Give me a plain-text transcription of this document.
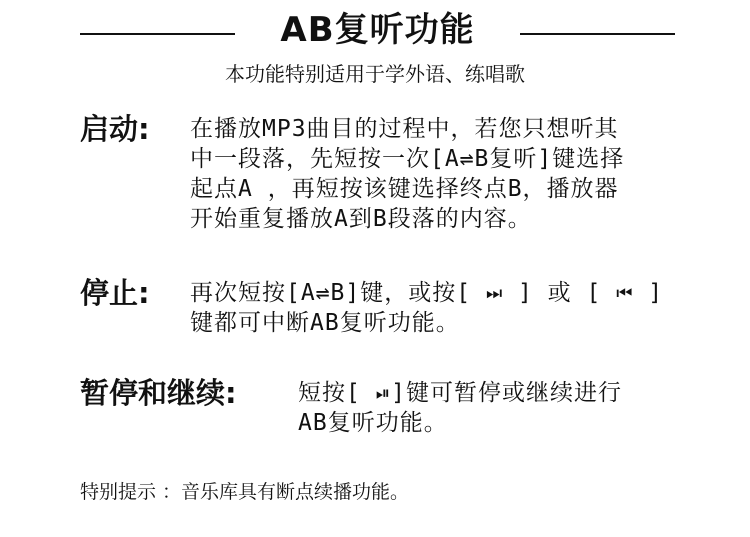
AB复听功能
本功能特别适用于学外语、练唱歌
启动: 在播放MP3曲目的过程中，若您只想听其
中一段落，先短按一次[A⇌B复听]键选择
起点A ，再短按该键选择终点B，播放器
开始重复播放A到B段落的内容。
停止: 再次短按[A⇌B]键，或按[ ⏭ ] 或 [ ⏮ ]
键都可中断AB复听功能。
暂停和继续:	短按[ ⏯]键可暂停或继续进行
AB复听功能。
特别提示 ：音乐库具有断点续播功能。
